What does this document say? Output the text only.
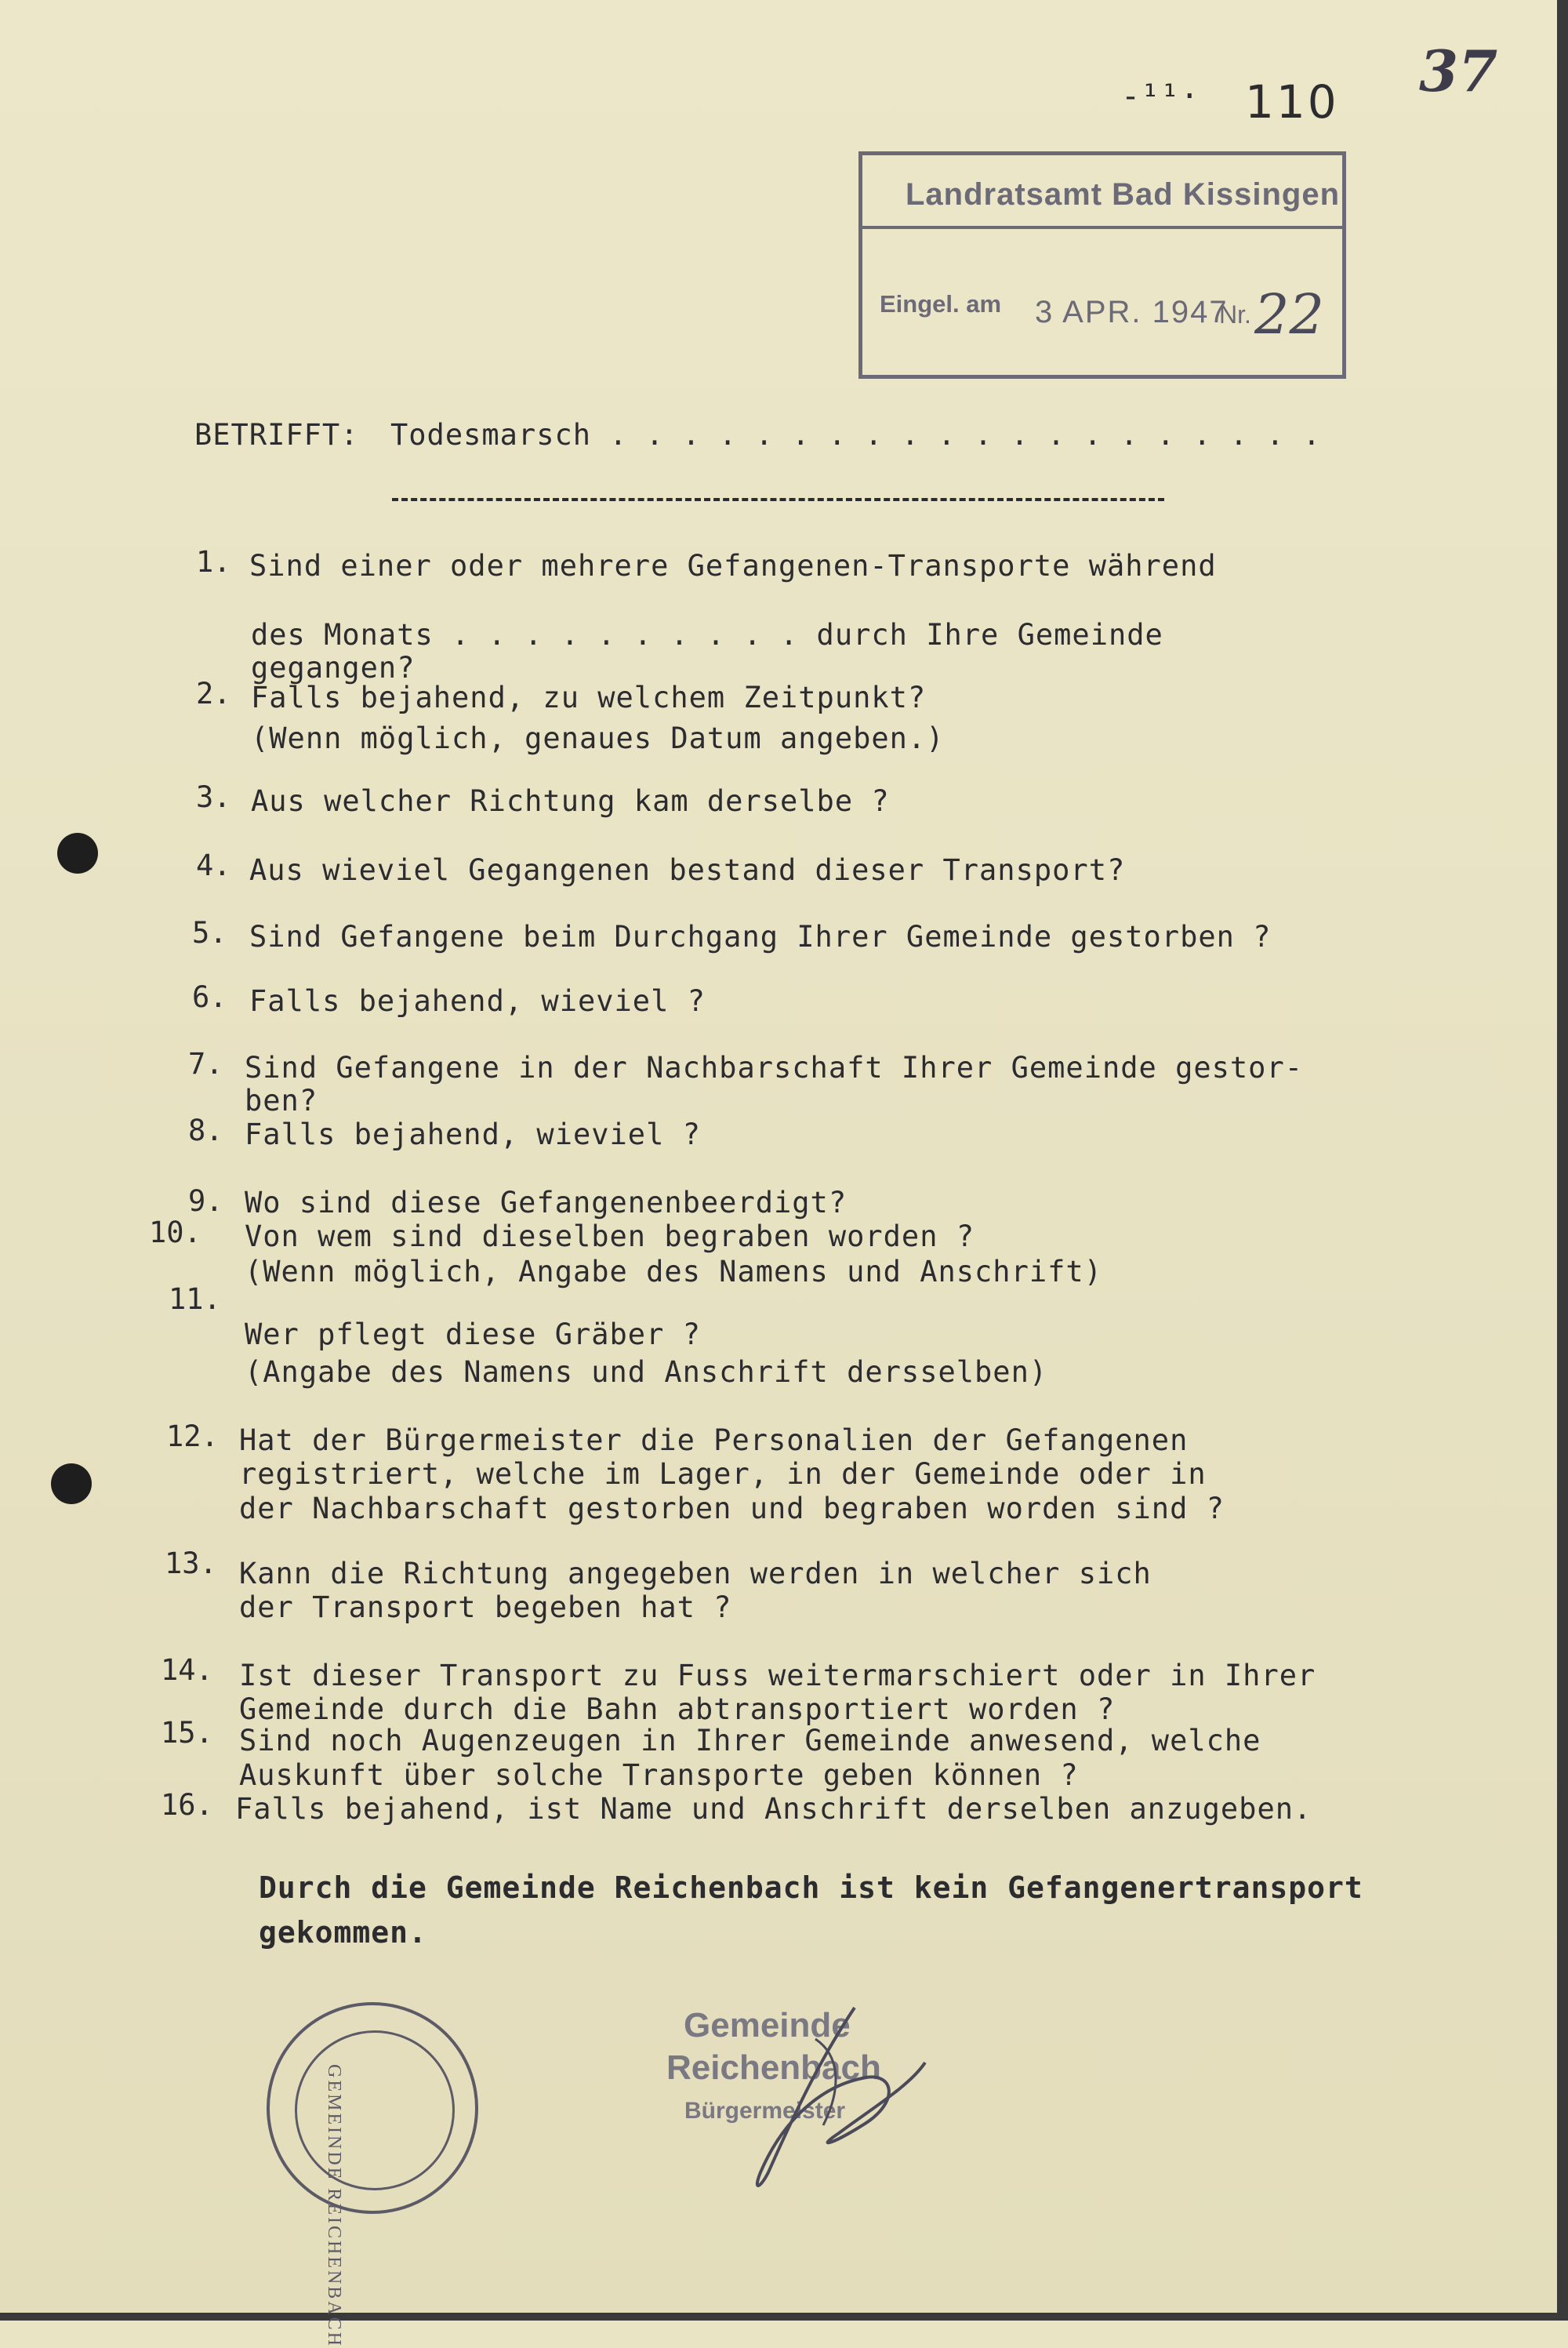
-¹¹· 110 37
Landratsamt Bad Kissingen
Eingel. am 3 APR. 1947
Nr. 22
BETRIFFT: Todesmarsch . . . . . . . . . . . . . . . . . . . .
1. Sind einer oder mehrere Gefangenen-Transporte während
des Monats . . . . . . . . . . durch Ihre Gemeinde
gegangen?
2. Falls bejahend, zu welchem Zeitpunkt?
(Wenn möglich, genaues Datum angeben.)
3. Aus welcher Richtung kam derselbe ?
4. Aus wieviel Gegangenen bestand dieser Transport?
5. Sind Gefangene beim Durchgang Ihrer Gemeinde gestorben ?
6. Falls bejahend, wieviel ?
7. Sind Gefangene in der Nachbarschaft Ihrer Gemeinde gestor-
ben?
8. Falls bejahend, wieviel ?
9. Wo sind diese Gefangenenbeerdigt?
10. Von wem sind dieselben begraben worden ?
(Wenn möglich, Angabe des Namens und Anschrift)
11.
Wer pflegt diese Gräber ?
(Angabe des Namens und Anschrift dersselben)
12. Hat der Bürgermeister die Personalien der Gefangenen
registriert, welche im Lager, in der Gemeinde oder in
der Nachbarschaft gestorben und begraben worden sind ?
13. Kann die Richtung angegeben werden in welcher sich
der Transport begeben hat ?
14. Ist dieser Transport zu Fuss weitermarschiert oder in Ihrer
Gemeinde durch die Bahn abtransportiert worden ?
15. Sind noch Augenzeugen in Ihrer Gemeinde anwesend, welche
Auskunft über solche Transporte geben können ?
16. Falls bejahend, ist Name und Anschrift derselben anzugeben.
Durch die Gemeinde Reichenbach ist kein Gefangenertransport
gekommen.
GEMEINDE REICHENBACH
Gemeinde
Reichenbach
Bürgermeister
